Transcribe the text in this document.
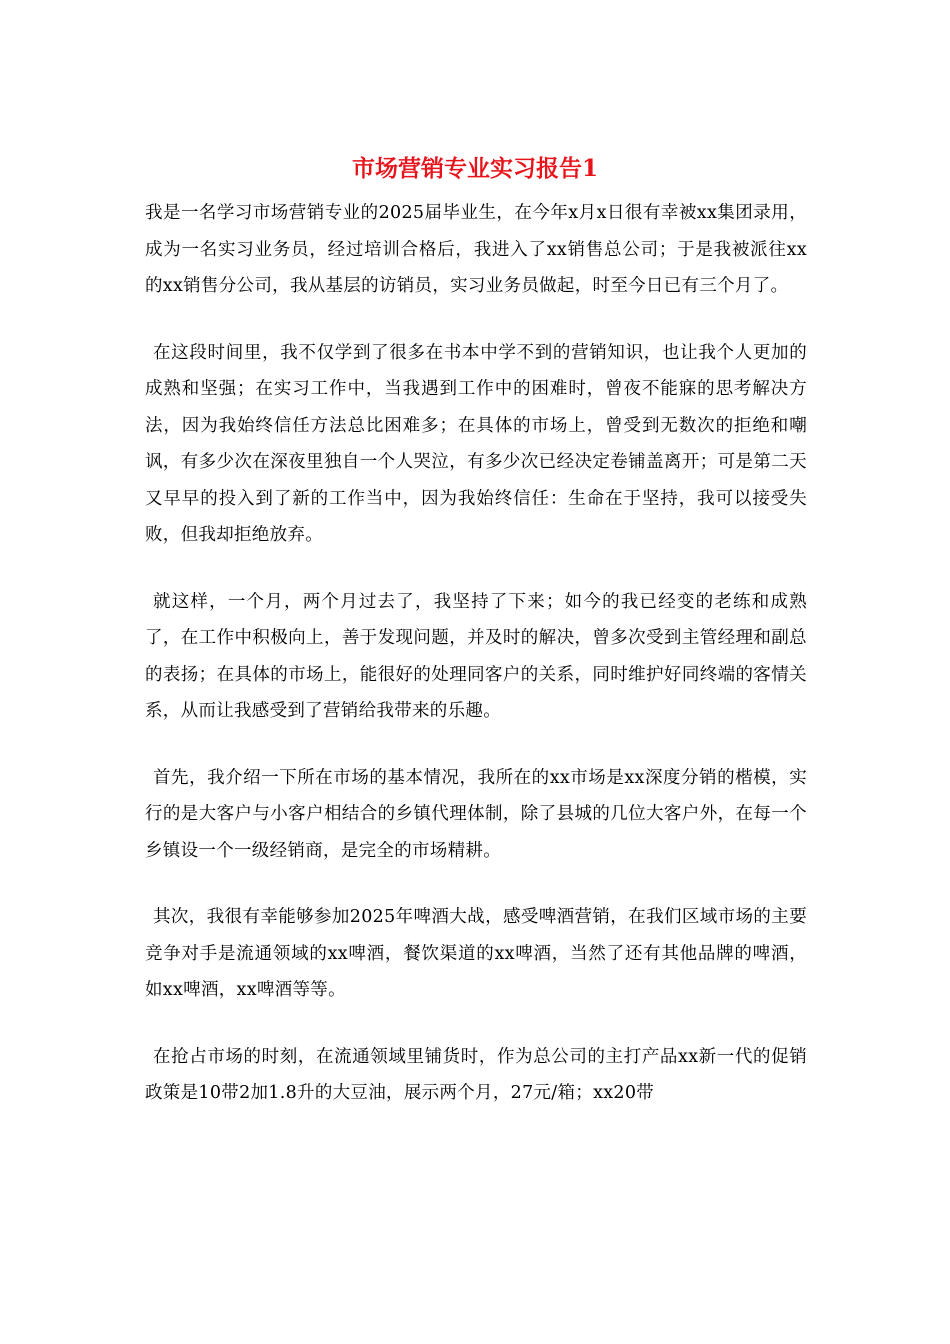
市场营销专业实习报告1

我是一名学习市场营销专业的2025届毕业生，在今年x月x日很有幸被xx集团录用，成为一名实习业务员，经过培训合格后，我进入了xx销售总公司；于是我被派往xx的xx销售分公司，我从基层的访销员，实习业务员做起，时至今日已有三个月了。

在这段时间里，我不仅学到了很多在书本中学不到的营销知识，也让我个人更加的成熟和坚强；在实习工作中，当我遇到工作中的困难时，曾夜不能寐的思考解决方法，因为我始终信任方法总比困难多；在具体的市场上，曾受到无数次的拒绝和嘲讽，有多少次在深夜里独自一个人哭泣，有多少次已经决定卷铺盖离开；可是第二天又早早的投入到了新的工作当中，因为我始终信任：生命在于坚持，我可以接受失败，但我却拒绝放弃。

就这样，一个月，两个月过去了，我坚持了下来；如今的我已经变的老练和成熟了，在工作中积极向上，善于发现问题，并及时的解决，曾多次受到主管经理和副总的表扬；在具体的市场上，能很好的处理同客户的关系，同时维护好同终端的客情关系，从而让我感受到了营销给我带来的乐趣。

首先，我介绍一下所在市场的基本情况，我所在的xx市场是xx深度分销的楷模，实行的是大客户与小客户相结合的乡镇代理体制，除了县城的几位大客户外，在每一个乡镇设一个一级经销商，是完全的市场精耕。

其次，我很有幸能够参加2025年啤酒大战，感受啤酒营销，在我们区域市场的主要竞争对手是流通领域的xx啤酒，餐饮渠道的xx啤酒，当然了还有其他品牌的啤酒，如xx啤酒，xx啤酒等等。

在抢占市场的时刻，在流通领域里铺货时，作为总公司的主打产品xx新一代的促销政策是10带2加1.8升的大豆油，展示两个月，27元/箱；xx20带
